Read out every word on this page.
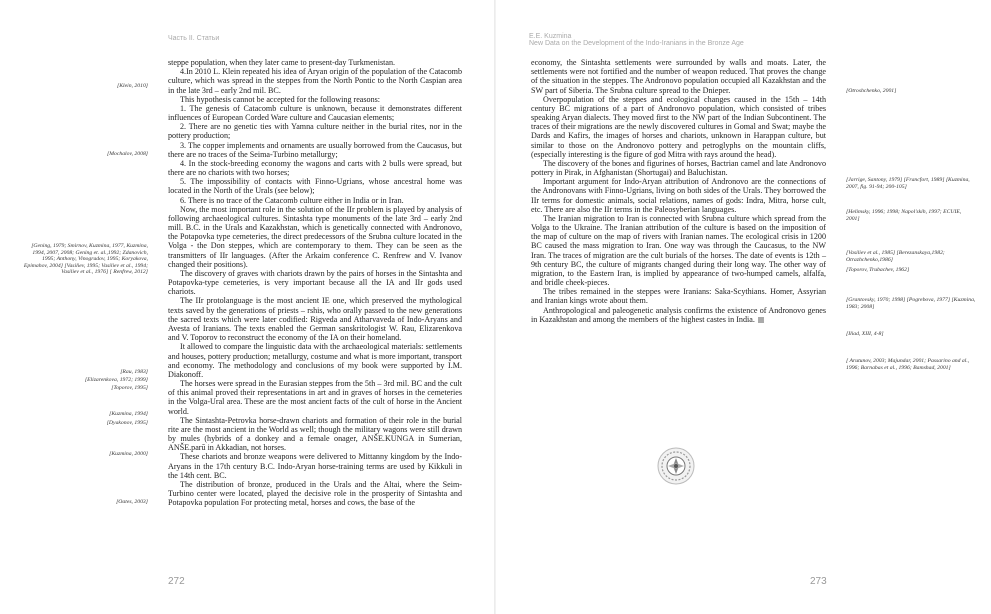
Часть II. Статьи
[Klein, 2010]
[Mochalov, 2008]
[Gening, 1979; Smirnov, Kuzmina, 1977, Kuzmina, 1994, 2007, 2008; Gening et. al.,1992; Zdanovich, 1995; Anthony, Vinogradov, 1995; Koryakova, Epimahov, 2004] [Vasiliev, 1995; Vasiliev et al., 1994; Vasiliev et al., 1976] [ Renfrew, 2012]
[Rau, 1983]
[Elizarenkova, 1972; 1999]
[Toporov, 1995]
[Kuzmina, 1994]
[Dyakonov, 1995]
[Kuzmina, 2000]
[Oates, 2003]

steppe population, when they later came to present-day Turkmenistan.

4.In 2010 L. Klein repeated his idea of Aryan origin of the population of the Catacomb culture, which was spread in the steppes from the North Pontic to the North Caspian area in the late 3rd – early 2nd mil. BC.

This hypothesis cannot be accepted for the following reasons:

1. The genesis of Catacomb culture is unknown, because it demonstrates different influences of European Corded Ware culture and Caucasian elements;

2. There are no genetic ties with Yamna culture neither in the burial rites, nor in the pottery production;

3. The copper implements and ornaments are usually borrowed from the Caucasus, but there are no traces of the Seima-Turbino metallurgy;

4. In the stock-breeding economy the wagons and carts with 2 bulls were spread, but there are no chariots with two horses;

5. The impossibility of contacts with Finno-Ugrians, whose ancestral home was located in the North of the Urals (see below);

6. There is no trace of the Catacomb culture either in India or in Iran.

Now, the most important role in the solution of the IIr problem is played by analysis of following archaeological cultures. Sintashta type monuments of the late 3rd – early 2nd mill. B.C. in the Urals and Kazakhstan, which is genetically connected with Andronovo, the Potapovka type cemeteries, the direct predecessors of the Srubna culture located in the Volga - the Don steppes, which are contemporary to them. They can be seen as the transmitters of IIr languages. (After the Arkaim conference C. Renfrew and V. Ivanov changed their positions).

The discovery of graves with chariots drawn by the pairs of horses in the Sintashta and Potapovka-type cemeteries, is very important because all the IA and IIr gods used chariots.

The IIr protolanguage is the most ancient IE one, which preserved the mythological texts saved by the generations of priests – rshis, who orally passed to the new generations the sacred texts which were later codified: Rigveda and Atharvaveda of Indo-Aryans and Avesta of Iranians. The texts enabled the German sanskritologist W. Rau, Elizarenkova and V. Toporov to reconstruct the economy of the IA on their homeland.

It allowed to compare the linguistic data with the archaeological materials: settlements and houses, pottery production; metallurgy, costume and what is more important, transport and economy. The methodology and conclusions of my book were supported by I.M. Diakonoff.

The horses were spread in the Eurasian steppes from the 5th – 3rd mil. BC and the cult of this animal proved their representations in art and in graves of horses in the cemeteries in the Volga-Ural area. These are the most ancient facts of the cult of horse in the Ancient world.

The Sintashta-Petrovka horse-drawn chariots and formation of their role in the burial rite are the most ancient in the World as well; though the military wagons were still drawn by mules (hybrids of a donkey and a female onager, ANŠE.KUNGA in Sumerian, ANŠE.parū in Akkadian, not horses.

These chariots and bronze weapons were delivered to Mittanny kingdom by the Indo-Aryans in the 17th century B.C. Indo-Aryan horse-training terms are used by Kikkuli in the 14th cent. BC.

The distribution of bronze, produced in the Urals and the Altai, where the Seim-Turbino center were located, played the decisive role in the prosperity of Sintashta and Potapovka population For protecting metal, horses and cows, the base of the

272
E.E. Kuzmina
New Data on the Development of the Indo-Iranians in the Bronze Age

economy, the Sintashta settlements were surrounded by walls and moats. Later, the settlements were not fortified and the number of weapon reduced. That proves the change of the situation in the steppes. The Andronovo population occupied all Kazakhstan and the SW part of Siberia. The Srubna culture spread to the Dnieper.

Overpopulation of the steppes and ecological changes caused in the 15th – 14th century BC migrations of a part of Andronovo population, which consisted of tribes speaking Aryan dialects. They moved first to the NW part of the Indian Subcontinent. The traces of their migrations are the newly discovered cultures in Gomal and Swat; maybe the Dards and Kafirs, the images of horses and chariots, unknown in Harappan culture, but similar to those on the Andronovo pottery and petroglyphs on the mountain cliffs, (especially interesting is the figure of god Mitra with rays around the head).

The discovery of the bones and figurines of horses, Bactrian camel and late Andronovo pottery in Pirak, in Afghanistan (Shortugai) and Baluchistan.

Important argument for Indo-Aryan attribution of Andronovo are the connections of the Andronovans with Finno-Ugrians, living on both sides of the Urals. They borrowed the IIr terms for domestic animals, social relations, names of gods: Indra, Mitra, horse cult, etc. There are also the IIr terms in the Paleosyberian languages.

The Iranian migration to Iran is connected with Srubna culture which spread from the Volga to the Ukraine. The Iranian attribution of the culture is based on the imposition of the map of culture on the map of rivers with Iranian names. The ecological crisis in 1200 BC caused the mass migration to Iran. One way was through the Caucasus, to the NW Iran. The traces of migration are the cult burials of the horses. The date of events is 12th – 9th century BC, the culture of migrants changed during their long way. The other way of migration, to the Eastern Iran, is implied by appearance of two-humped camels, alfalfa, and bridle cheek-pieces.

The tribes remained in the steppes were Iranians: Saka-Scythians. Homer, Assyrian and Iranian kings wrote about them.

Anthropological and paleogenetic analysis confirms the existence of Andronovo genes in Kazakhstan and among the members of the highest castes in India.

[Otroshchenko, 2001]
[Jarrige, Santony, 1979] [Francfort, 1989] [Kuzmina, 2007, fig. 91-94; 200-105]
[Helimsky, 1996; 1998; Napol'skih, 1997; ECUIE, 2001]
[Vasiliev et al., 1985] [Berezanskaya,1982; Otrazhchenko,1986]
[Toporov, Trubachev, 1962]
[Grantovsky, 1970; 1998] [Pogrebova, 1977] [Kuzmina, 1983; 2008]
[Iliad, XIII, 4-8]
[ Arutunov, 2003; Majundar, 2001; Passarino and al., 1996; Barnabas et al., 1996; Bamshad, 2001]
273
